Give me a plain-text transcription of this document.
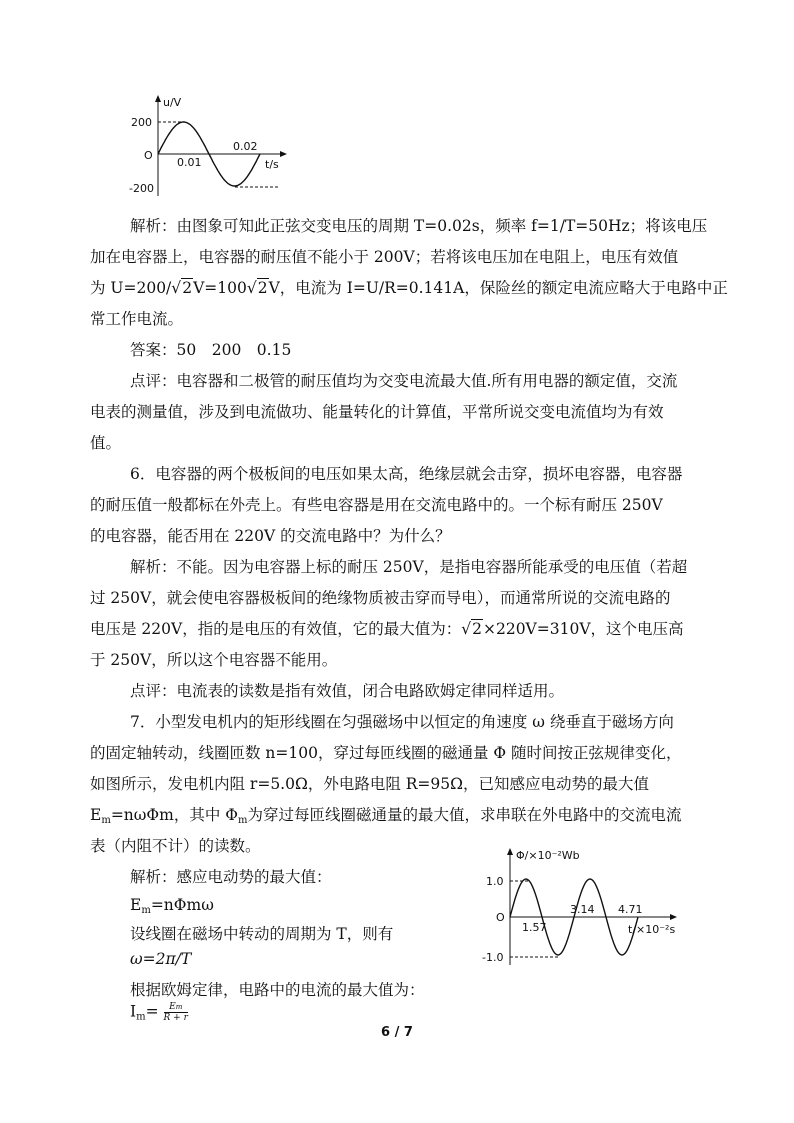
u/V
200
O
-200
0.01
0.02
t/s
解析：由图象可知此正弦交变电压的周期 T=0.02s，频率 f=1/T=50Hz；将该电压
加在电容器上，电容器的耐压值不能小于 200V；若将该电压加在电阻上，电压有效值
为 U=200/√2V=100√2V，电流为 I=U/R=0.141A，保险丝的额定电流应略大于电路中正
常工作电流。
答案：50　200　0.15
点评：电容器和二极管的耐压值均为交变电流最大值.所有用电器的额定值，交流
电表的测量值，涉及到电流做功、能量转化的计算值，平常所说交变电流值均为有效
值。
6．电容器的两个极板间的电压如果太高，绝缘层就会击穿，损坏电容器，电容器
的耐压值一般都标在外壳上。有些电容器是用在交流电路中的。一个标有耐压 250V
的电容器，能否用在 220V 的交流电路中？为什么？
解析：不能。因为电容器上标的耐压 250V，是指电容器所能承受的电压值（若超
过 250V，就会使电容器极板间的绝缘物质被击穿而导电），而通常所说的交流电路的
电压是 220V，指的是电压的有效值，它的最大值为：√2×220V=310V，这个电压高
于 250V，所以这个电容器不能用。
点评：电流表的读数是指有效值，闭合电路欧姆定律同样适用。
7．小型发电机内的矩形线圈在匀强磁场中以恒定的角速度 ω 绕垂直于磁场方向
的固定轴转动，线圈匝数 n=100，穿过每匝线圈的磁通量 Φ 随时间按正弦规律变化，
如图所示，发电机内阻 r=5.0Ω，外电路电阻 R=95Ω，已知感应电动势的最大值
$E_m=n\omega\Phi m$，其中 $\Phi_m$为穿过每匝线圈磁通量的最大值，求串联在外电路中的交流电流
表（内阻不计）的读数。
解析：感应电动势的最大值：
$E_m=n\Phi m\omega$
设线圈在磁场中转动的周期为 T，则有
ω=2π/T
根据欧姆定律，电路中的电流的最大值为：
$I_m= \frac{Em}{R + r}$
Φ/×10⁻²Wb
1.0
O
-1.0
1.57
3.14 4.71
t/×10⁻²s
6 / 7
